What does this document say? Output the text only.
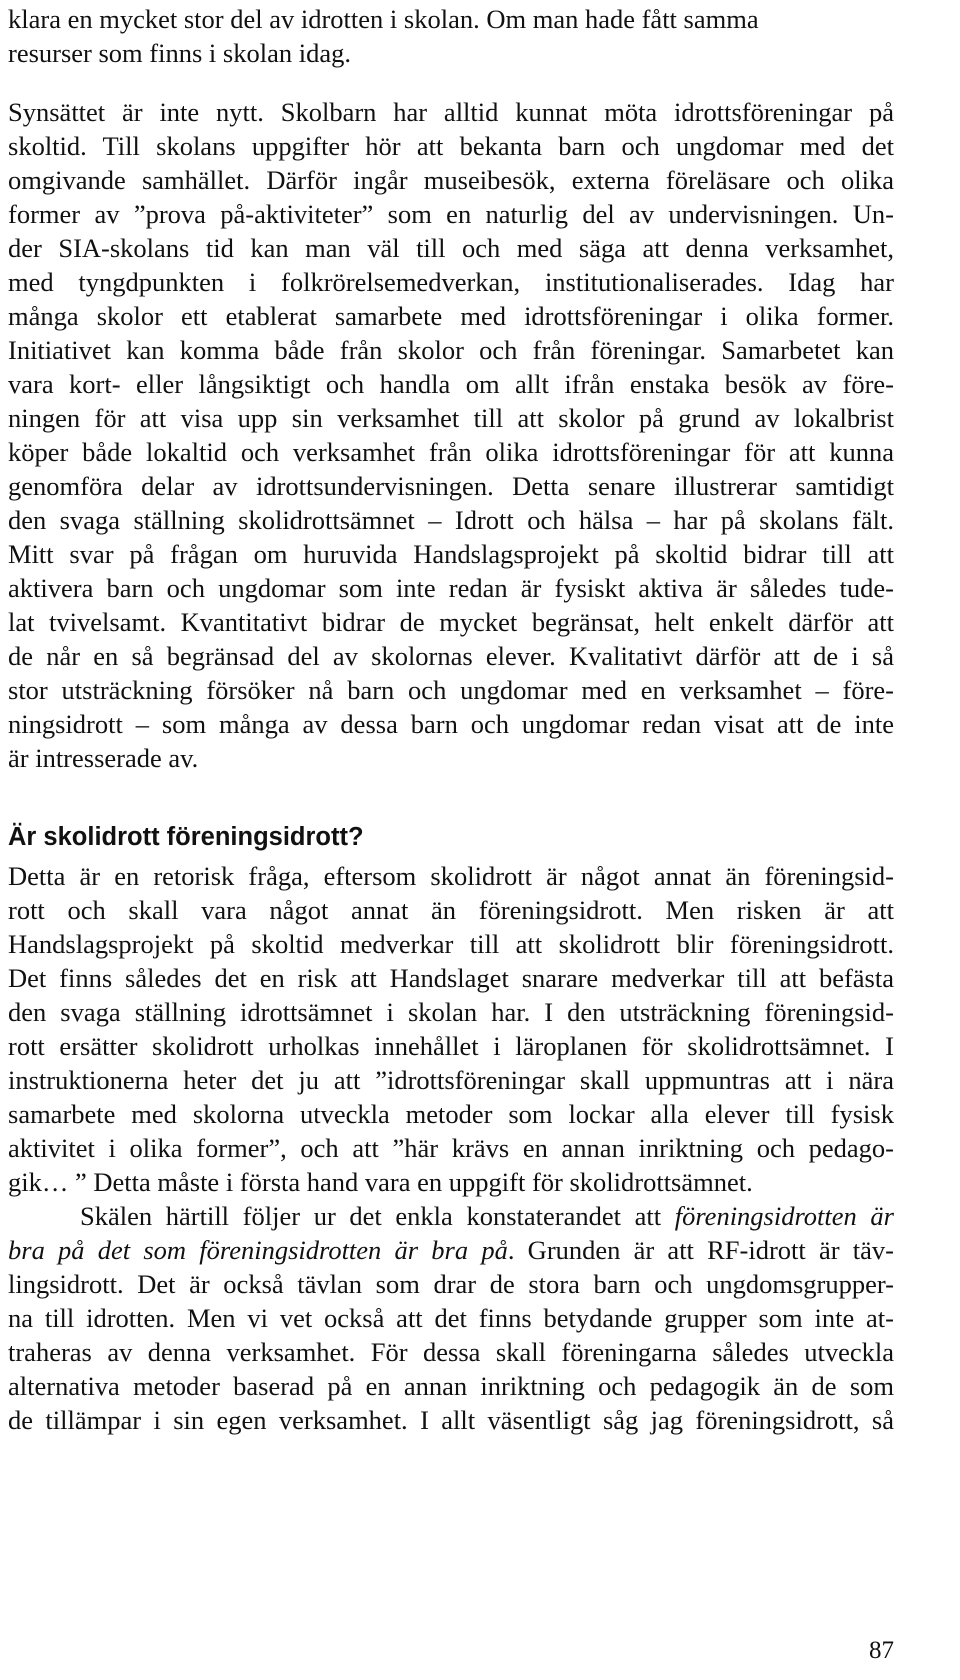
klara en mycket stor del av idrotten i skolan. Om man hade fått samma
resurser som finns i skolan idag.
Synsättet är inte nytt. Skolbarn har alltid kunnat möta idrottsföreningar på
skoltid. Till skolans uppgifter hör att bekanta barn och ungdomar med det
omgivande samhället. Därför ingår museibesök, externa föreläsare och olika
former av ”prova på-aktiviteter” som en naturlig del av undervisningen. Un-
der SIA-skolans tid kan man väl till och med säga att denna verksamhet,
med tyngdpunkten i folkrörelsemedverkan, institutionaliserades. Idag har
många skolor ett etablerat samarbete med idrottsföreningar i olika former.
Initiativet kan komma både från skolor och från föreningar. Samarbetet kan
vara kort- eller långsiktigt och handla om allt ifrån enstaka besök av före-
ningen för att visa upp sin verksamhet till att skolor på grund av lokalbrist
köper både lokaltid och verksamhet från olika idrottsföreningar för att kunna
genomföra delar av idrottsundervisningen. Detta senare illustrerar samtidigt
den svaga ställning skolidrottsämnet – Idrott och hälsa – har på skolans fält.
Mitt svar på frågan om huruvida Handslagsprojekt på skoltid bidrar till att
aktivera barn och ungdomar som inte redan är fysiskt aktiva är således tude-
lat tvivelsamt. Kvantitativt bidrar de mycket begränsat, helt enkelt därför att
de når en så begränsad del av skolornas elever. Kvalitativt därför att de i så
stor utsträckning försöker nå barn och ungdomar med en verksamhet – före-
ningsidrott – som många av dessa barn och ungdomar redan visat att de inte
är intresserade av.
Är skolidrott föreningsidrott?
Detta är en retorisk fråga, eftersom skolidrott är något annat än föreningsid-
rott och skall vara något annat än föreningsidrott. Men risken är att
Handslagsprojekt på skoltid medverkar till att skolidrott blir föreningsidrott.
Det finns således det en risk att Handslaget snarare medverkar till att befästa
den svaga ställning idrottsämnet i skolan har. I den utsträckning föreningsid-
rott ersätter skolidrott urholkas innehållet i läroplanen för skolidrottsämnet. I
instruktionerna heter det ju att ”idrottsföreningar skall uppmuntras att i nära
samarbete med skolorna utveckla metoder som lockar alla elever till fysisk
aktivitet i olika former”, och att ”här krävs en annan inriktning och pedago-
gik… ” Detta måste i första hand vara en uppgift för skolidrottsämnet.
Skälen härtill följer ur det enkla konstaterandet att föreningsidrotten är
bra på det som föreningsidrotten är bra på. Grunden är att RF-idrott är täv-
lingsidrott. Det är också tävlan som drar de stora barn och ungdomsgrupper-
na till idrotten. Men vi vet också att det finns betydande grupper som inte at-
traheras av denna verksamhet. För dessa skall föreningarna således utveckla
alternativa metoder baserad på en annan inriktning och pedagogik än de som
de tillämpar i sin egen verksamhet. I allt väsentligt såg jag föreningsidrott, så
87
